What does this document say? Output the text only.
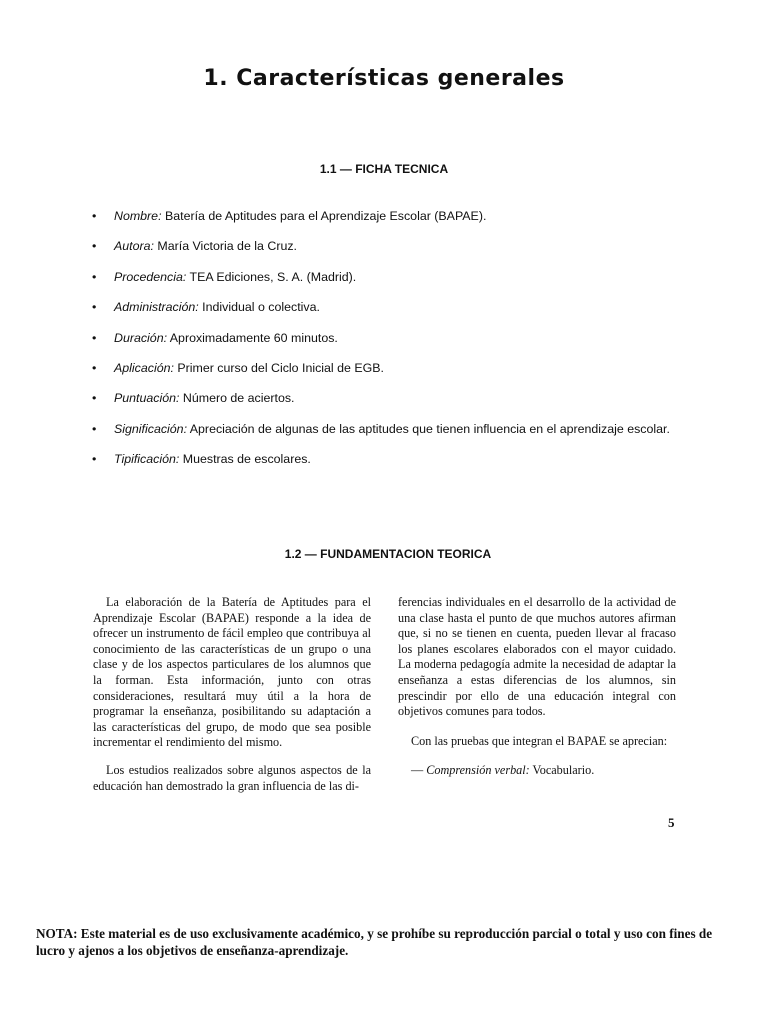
1. Características generales
1.1 — FICHA TECNICA
• Nombre: Batería de Aptitudes para el Aprendizaje Escolar (BAPAE).
• Autora: María Victoria de la Cruz.
• Procedencia: TEA Ediciones, S. A. (Madrid).
• Administración: Individual o colectiva.
• Duración: Aproximadamente 60 minutos.
• Aplicación: Primer curso del Ciclo Inicial de EGB.
• Puntuación: Número de aciertos.
• Significación: Apreciación de algunas de las aptitudes que tienen influencia en el aprendizaje escolar.
• Tipificación: Muestras de escolares.
1.2 — FUNDAMENTACION TEORICA

La elaboración de la Batería de Aptitudes para el Aprendizaje Escolar (BAPAE) responde a la idea de ofrecer un instrumento de fácil empleo que contribuya al conocimiento de las características de un grupo o una clase y de los aspectos particulares de los alumnos que la forman. Esta información, junto con otras consideraciones, resultará muy útil a la hora de programar la enseñanza, posibilitando su adaptación a las características del grupo, de modo que sea posible incrementar el rendimiento del mismo.

Los estudios realizados sobre algunos aspectos de la educación han demostrado la gran influencia de las di-

ferencias individuales en el desarrollo de la actividad de una clase hasta el punto de que muchos autores afirman que, si no se tienen en cuenta, pueden llevar al fracaso los planes escolares elaborados con el mayor cuidado. La moderna pedagogía admite la necesidad de adaptar la enseñanza a estas diferencias de los alumnos, sin prescindir por ello de una educación integral con objetivos comunes para todos.

Con las pruebas que integran el BAPAE se aprecian:

— Comprensión verbal: Vocabulario.

5
NOTA: Este material es de uso exclusivamente académico, y se prohíbe su reproducción parcial o total y uso con fines de lucro y ajenos a los objetivos de enseñanza-aprendizaje.
